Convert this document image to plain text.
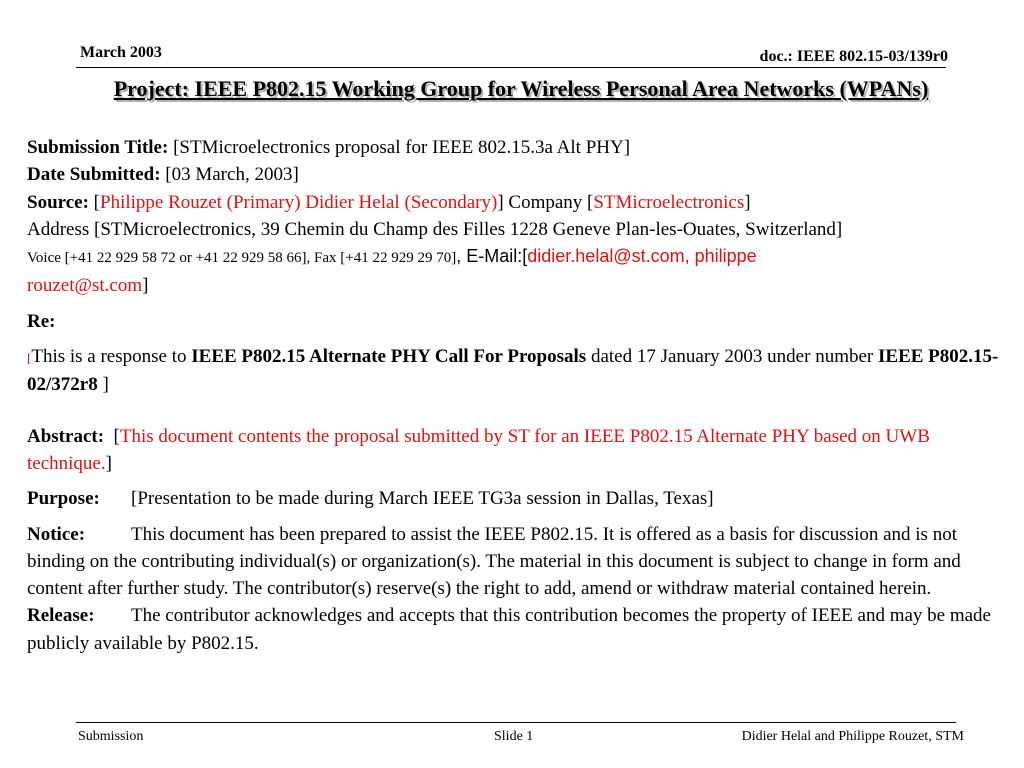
March 2003	doc.: IEEE 802.15-03/139r0
Project: IEEE P802.15 Working Group for Wireless Personal Area Networks (WPANs)

Submission Title: [STMicroelectronics proposal for IEEE 802.15.3a Alt PHY]

Date Submitted: [03 March, 2003]

Source: [Philippe Rouzet (Primary) Didier Helal (Secondary)] Company [STMicroelectronics]

Address [STMicroelectronics, 39 Chemin du Champ des Filles 1228 Geneve Plan-les-Ouates, Switzerland]

Voice [+41 22 929 58 72 or +41 22 929 58 66], Fax [+41 22 929 29 70], E-Mail:[didier.helal@st.com, philippe
rouzet@st.com]

Re:

[This is a response to IEEE P802.15 Alternate PHY Call For Proposals dated 17 January 2003 under number IEEE P802.15-02/372r8 ]

Abstract: [This document contents the proposal submitted by ST for an IEEE P802.15 Alternate PHY based on UWB technique.]

Purpose: [Presentation to be made during March IEEE TG3a session in Dallas, Texas]

Notice: This document has been prepared to assist the IEEE P802.15. It is offered as a basis for discussion and is not binding on the contributing individual(s) or organization(s). The material in this document is subject to change in form and content after further study. The contributor(s) reserve(s) the right to add, amend or withdraw material contained herein.

Release: The contributor acknowledges and accepts that this contribution becomes the property of IEEE and may be made publicly available by P802.15.

Submission	Slide 1	Didier Helal and Philippe Rouzet, STM
